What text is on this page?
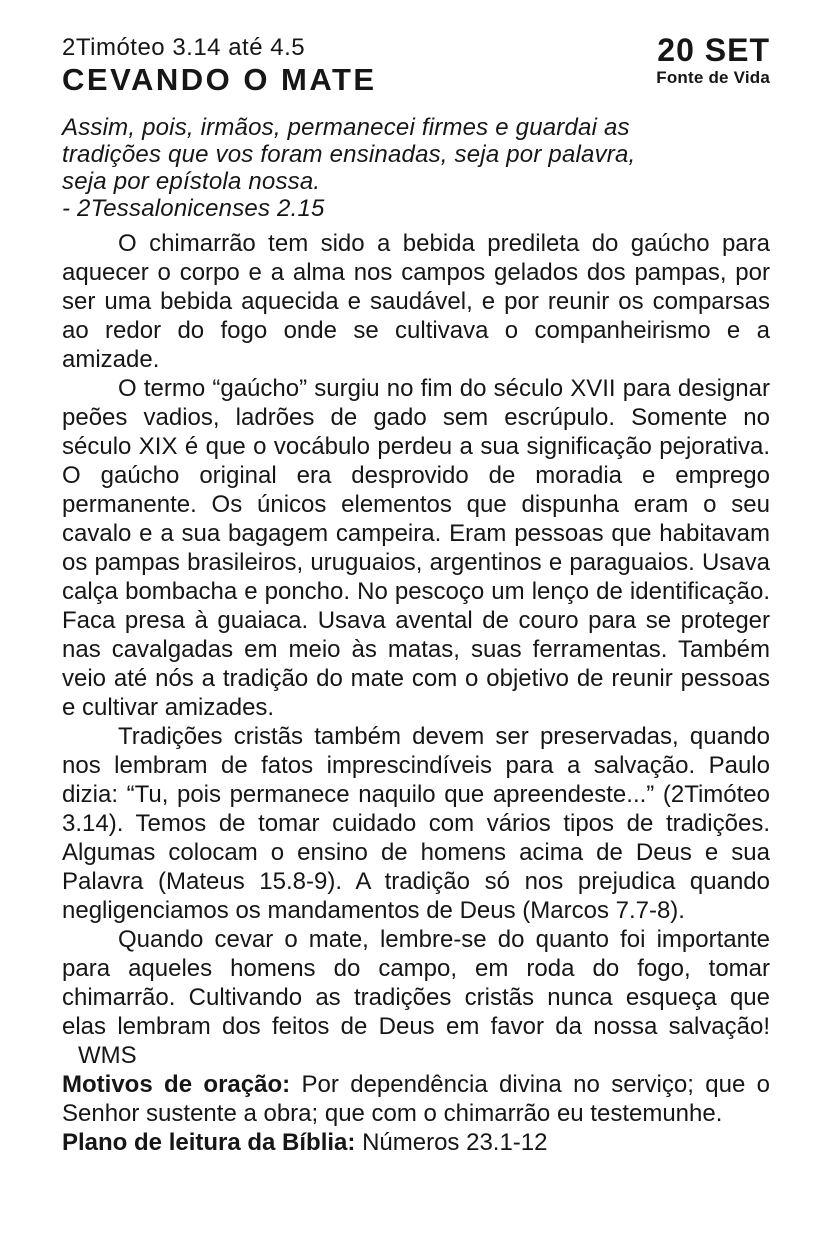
2Timóteo 3.14 até 4.5
CEVANDO O MATE
20 SET
Fonte de Vida
Assim, pois, irmãos, permanecei firmes e guardai as
tradições que vos foram ensinadas, seja por palavra,
seja por epístola nossa.
- 2Tessalonicenses 2.15

O chimarrão tem sido a bebida predileta do gaúcho para aquecer o corpo e a alma nos campos gelados dos pampas, por ser uma bebida aquecida e saudável, e por reunir os comparsas ao redor do fogo onde se cultivava o companheirismo e a amizade.

O termo “gaúcho” surgiu no fim do século XVII para designar peões vadios, ladrões de gado sem escrúpulo. Somente no século XIX é que o vocábulo perdeu a sua significação pejorativa. O gaúcho original era desprovido de moradia e emprego permanente. Os únicos elementos que dispunha eram o seu cavalo e a sua bagagem campeira. Eram pessoas que habitavam os pampas brasileiros, uruguaios, argentinos e paraguaios. Usava calça bombacha e poncho. No pescoço um lenço de identificação. Faca presa à guaiaca. Usava avental de couro para se proteger nas cavalgadas em meio às matas, suas ferramentas. Também veio até nós a tradição do mate com o objetivo de reunir pessoas e cultivar amizades.

Tradições cristãs também devem ser preservadas, quando nos lembram de fatos imprescindíveis para a salvação. Paulo dizia: “Tu, pois permanece naquilo que apreendeste...” (2Timóteo 3.14). Temos de tomar cuidado com vários tipos de tradições. Algumas colocam o ensino de homens acima de Deus e sua Palavra (Mateus 15.8-9). A tradição só nos prejudica quando negligenciamos os mandamentos de Deus (Marcos 7.7-8).

Quando cevar o mate, lembre-se do quanto foi importante para aqueles homens do campo, em roda do fogo, tomar chimarrão. Cultivando as tradições cristãs nunca esqueça que elas lembram dos feitos de Deus em favor da nossa salvação!WMS

Motivos de oração: Por dependência divina no serviço; que o Senhor sustente a obra; que com o chimarrão eu testemunhe.

Plano de leitura da Bíblia: Números 23.1-12
